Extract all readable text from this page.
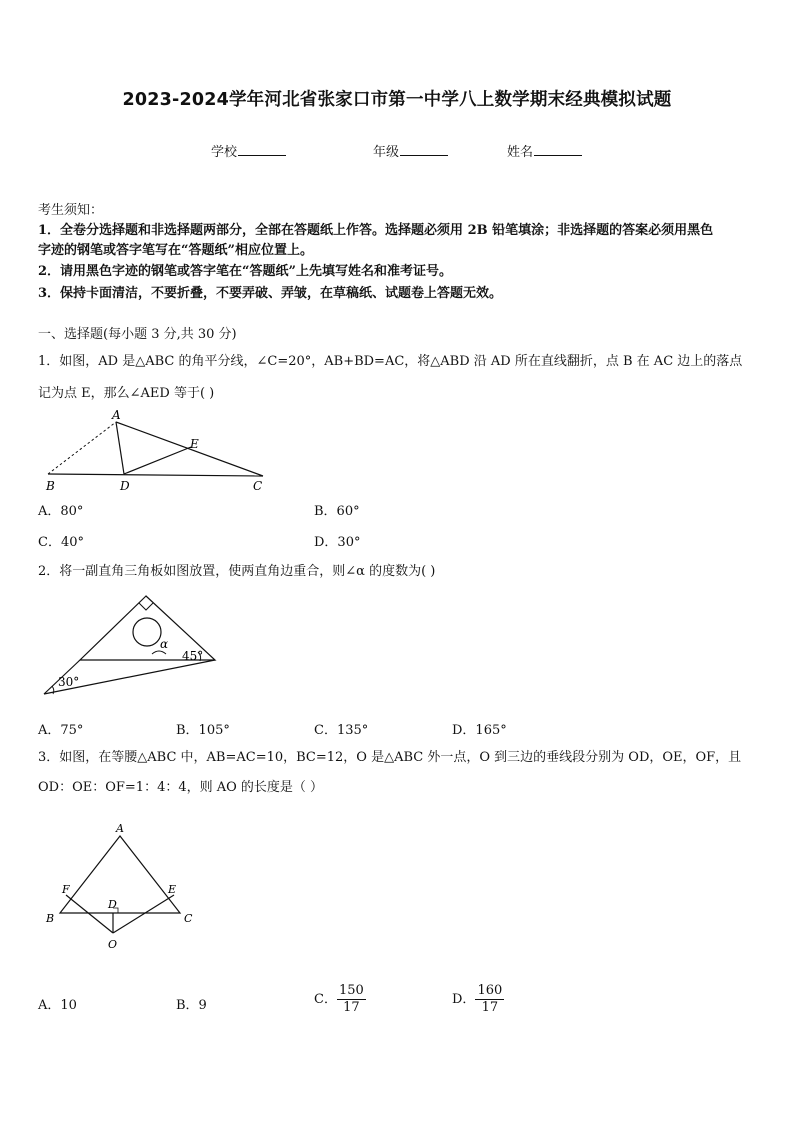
2023-2024学年河北省张家口市第一中学八上数学期末经典模拟试题
学校	年级	姓名
考生须知：
1．全卷分选择题和非选择题两部分，全部在答题纸上作答。选择题必须用 2B 铅笔填涂；非选择题的答案必须用黑色
字迹的钢笔或答字笔写在“答题纸”相应位置上。
2．请用黑色字迹的钢笔或答字笔在“答题纸”上先填写姓名和准考证号。
3．保持卡面清洁，不要折叠，不要弄破、弄皱，在草稿纸、试题卷上答题无效。
一、选择题(每小题 3 分,共 30 分)
1．如图，AD 是△ABC 的角平分线，∠C=20°，AB+BD=AC，将△ABD 沿 AD 所在直线翻折，点 B 在 AC 边上的落点
记为点 E，那么∠AED 等于( )
A
E
B	D	C
A．80°	B．60°
C．40°	D．30°
2．将一副直角三角板如图放置，使两直角边重合，则∠α 的度数为( )
α
45°
30°
A．75°	B．105°	C．135°	D．165°
3．如图，在等腰△ABC 中，AB=AC=10，BC=12，O 是△ABC 外一点，O 到三边的垂线段分别为 OD，OE，OF，且
OD：OE：OF=1：4：4，则 AO 的长度是（ ）
A
F	E
D
B	C
O
A．10	B．9	C． $\frac{150}{17}$	D． $\frac{160}{17}$
